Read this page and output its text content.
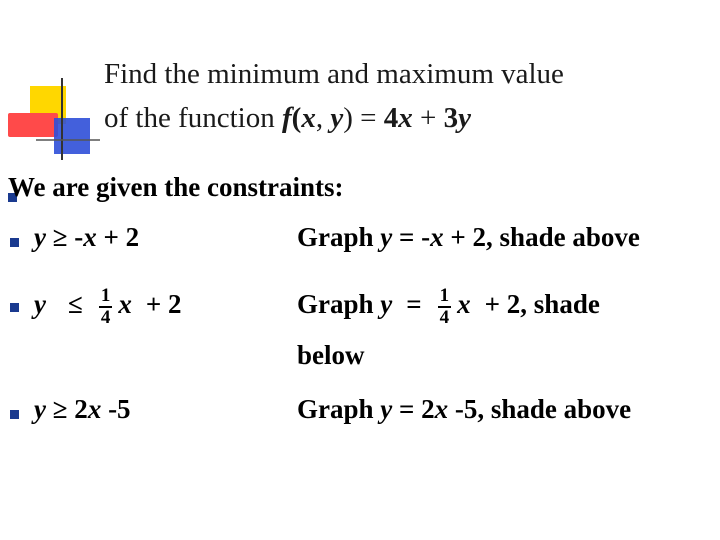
Find the minimum and maximum value
of the function f(x, y) = 4x + 3y
We are given the constraints:
y ≥ -x + 2	Graph y = -x + 2, shade above
$y \le \frac{1}{4}$ x + 2	Graph $y = \frac{1}{4}$ x + 2, shade
below
y ≥ 2x -5	Graph y = 2x -5, shade above
